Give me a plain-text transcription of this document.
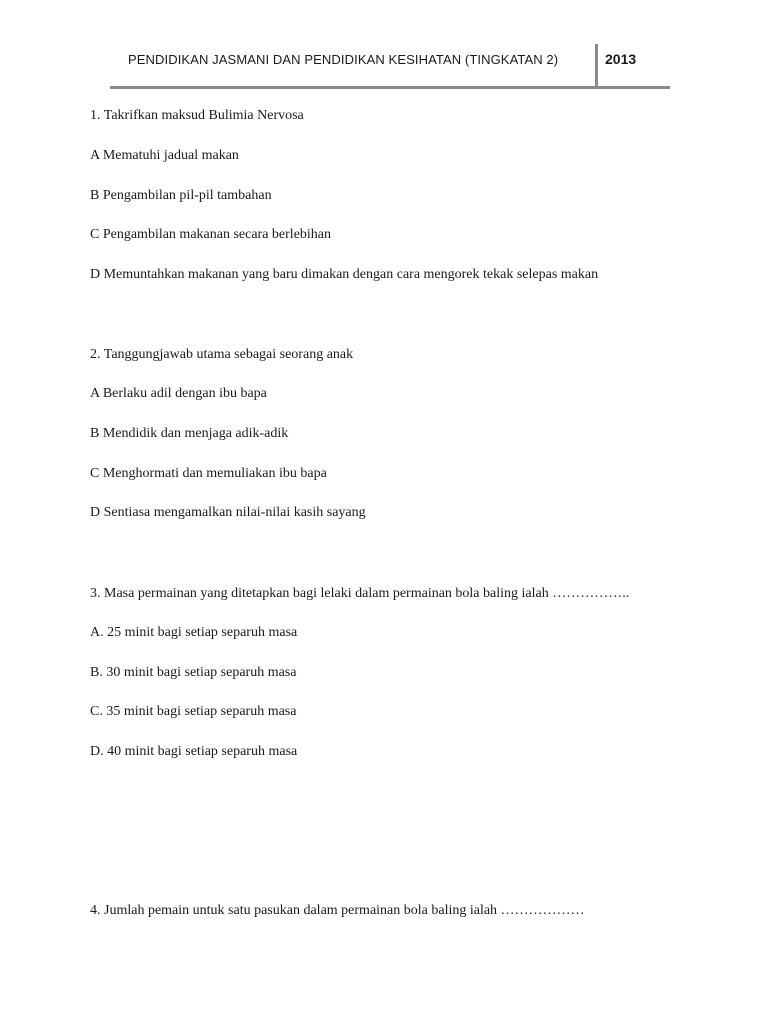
PENDIDIKAN JASMANI DAN PENDIDIKAN KESIHATAN (TINGKATAN 2)	2013
1. Takrifkan maksud Bulimia Nervosa
A Mematuhi jadual makan
B Pengambilan pil-pil tambahan
C Pengambilan makanan secara berlebihan
D Memuntahkan makanan yang baru dimakan dengan cara mengorek tekak selepas makan
2. Tanggungjawab utama sebagai seorang anak
A Berlaku adil dengan ibu bapa
B Mendidik dan menjaga adik-adik
C Menghormati dan memuliakan ibu bapa
D Sentiasa mengamalkan nilai-nilai kasih sayang
3. Masa permainan yang ditetapkan bagi lelaki dalam permainan bola baling ialah ……………..
A. 25 minit bagi setiap separuh masa
B. 30 minit bagi setiap separuh masa
C. 35 minit bagi setiap separuh masa
D. 40 minit bagi setiap separuh masa
4. Jumlah pemain untuk satu pasukan dalam permainan bola baling ialah ………………
